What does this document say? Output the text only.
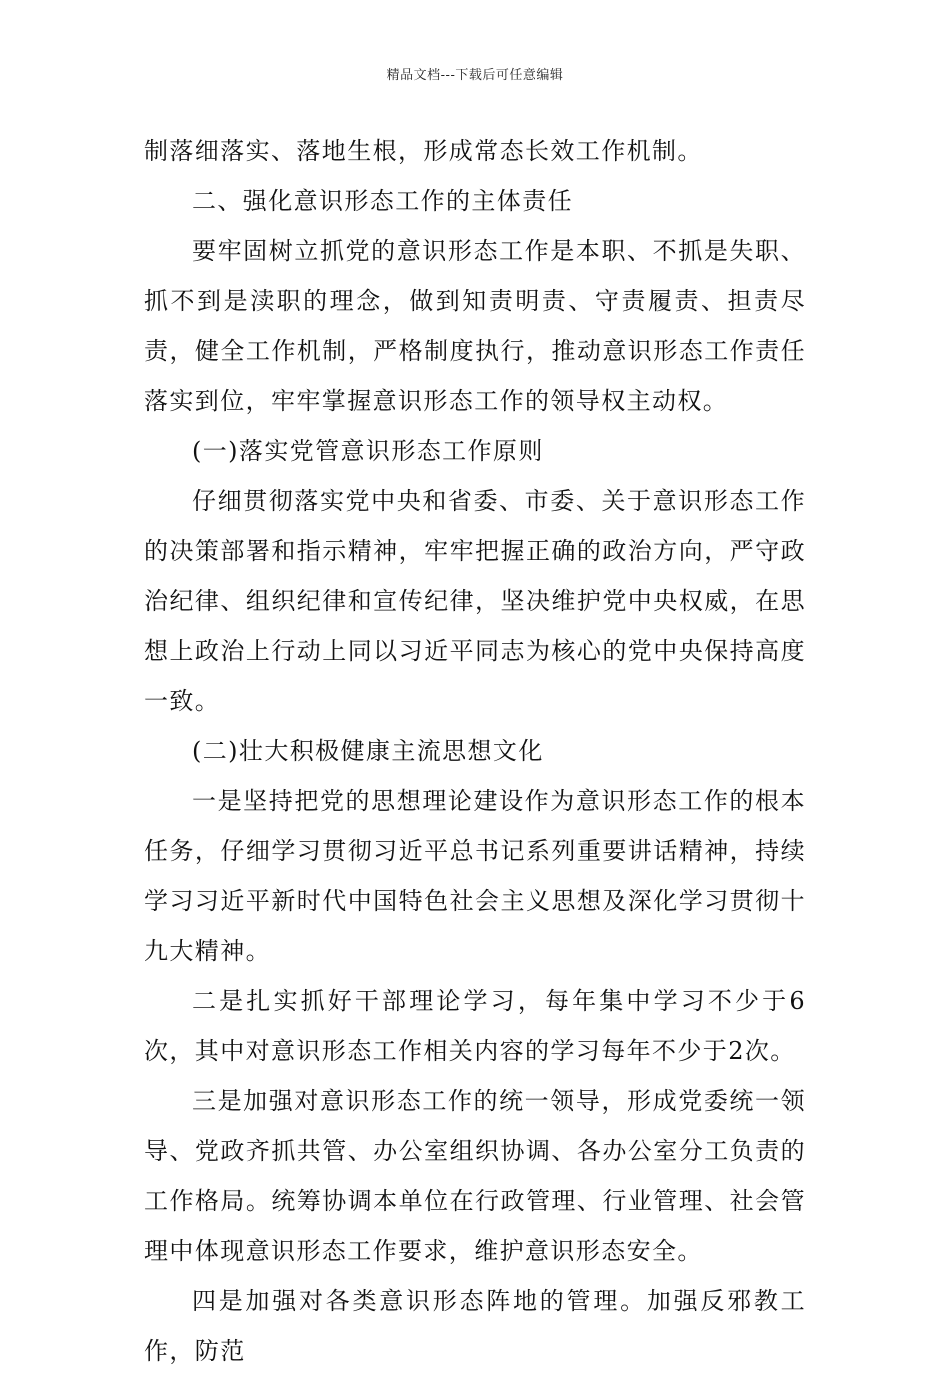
精品文档---下载后可任意编辑

制落细落实、落地生根，形成常态长效工作机制。

二、强化意识形态工作的主体责任

要牢固树立抓党的意识形态工作是本职、不抓是失职、抓不到是渎职的理念，做到知责明责、守责履责、担责尽责，健全工作机制，严格制度执行，推动意识形态工作责任落实到位，牢牢掌握意识形态工作的领导权主动权。

(一)落实党管意识形态工作原则

仔细贯彻落实党中央和省委、市委、关于意识形态工作的决策部署和指示精神，牢牢把握正确的政治方向，严守政治纪律、组织纪律和宣传纪律，坚决维护党中央权威，在思想上政治上行动上同以习近平同志为核心的党中央保持高度一致。

(二)壮大积极健康主流思想文化

一是坚持把党的思想理论建设作为意识形态工作的根本任务，仔细学习贯彻习近平总书记系列重要讲话精神，持续学习习近平新时代中国特色社会主义思想及深化学习贯彻十九大精神。

二是扎实抓好干部理论学习，每年集中学习不少于6次，其中对意识形态工作相关内容的学习每年不少于2次。

三是加强对意识形态工作的统一领导，形成党委统一领导、党政齐抓共管、办公室组织协调、各办公室分工负责的工作格局。统筹协调本单位在行政管理、行业管理、社会管理中体现意识形态工作要求，维护意识形态安全。

四是加强对各类意识形态阵地的管理。加强反邪教工作，防范
